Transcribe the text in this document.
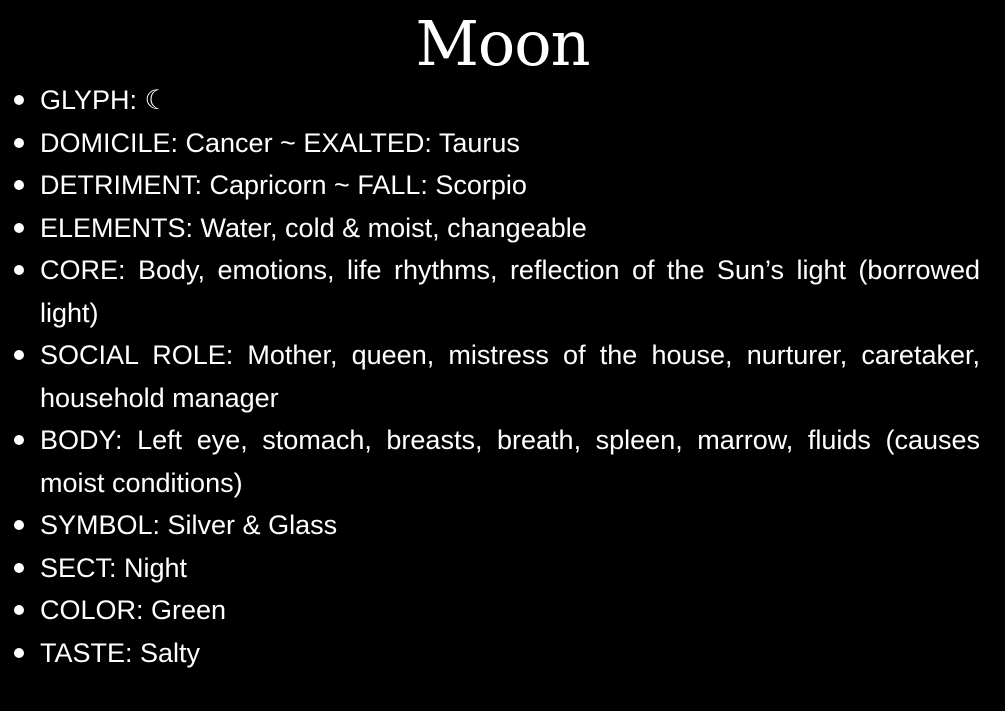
Moon
GLYPH: ☾
DOMICILE: Cancer ~ EXALTED: Taurus
DETRIMENT: Capricorn ~ FALL: Scorpio
ELEMENTS: Water, cold & moist, changeable
CORE: Body, emotions, life rhythms, reflection of the Sun’s light (borrowed light)
SOCIAL ROLE: Mother, queen, mistress of the house, nurturer, caretaker, household manager
BODY: Left eye, stomach, breasts, breath, spleen, marrow, fluids (causes moist conditions)
SYMBOL: Silver & Glass
SECT: Night
COLOR: Green
TASTE: Salty
